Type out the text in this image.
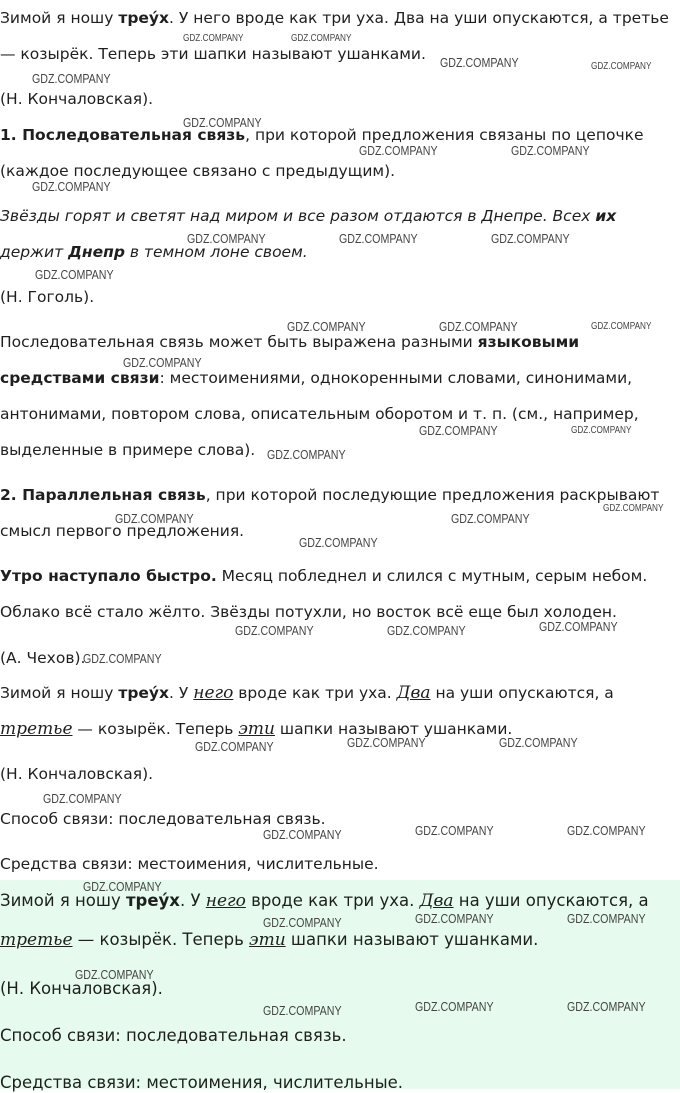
Зимой я ношу треу́х. У него вроде как три уха. Два на уши опускаются, а третье
— козырёк. Теперь эти шапки называют ушанками.
(Н. Кончаловская).
1. Последовательная связь, при которой предложения связаны по цепочке
(каждое последующее связано с предыдущим).
Звёзды горят и светят над миром и все разом отдаются в Днепре. Всех их
держит Днепр в темном лоне своем.
(Н. Гоголь).
Последовательная связь может быть выражена разными языковыми
средствами связи: местоимениями, однокоренными словами, синонимами,
антонимами, повтором слова, описательным оборотом и т. п. (см., например,
выделенные в примере слова).
2. Параллельная связь, при которой последующие предложения раскрывают
смысл первого предложения.
Утро наступало быстро. Месяц побледнел и слился с мутным, серым небом.
Облако всё стало жёлто. Звёзды потухли, но восток всё еще был холоден.
(А. Чехов).
Зимой я ношу треу́х. У него вроде как три уха. Два на уши опускаются, а
третье — козырёк. Теперь эти шапки называют ушанками.
(Н. Кончаловская).
Способ связи: последовательная связь.
Средства связи: местоимения, числительные.
Зимой я ношу треу́х. У него вроде как три уха. Два на уши опускаются, а
третье — козырёк. Теперь эти шапки называют ушанками.
(Н. Кончаловская).
Способ связи: последовательная связь.
Средства связи: местоимения, числительные.
GDZ.COMPANY	GDZ.COMPANY
GDZ.COMPANY	GDZ.COMPANY
GDZ.COMPANY
GDZ.COMPANY
GDZ.COMPANY	GDZ.COMPANY
GDZ.COMPANY
GDZ.COMPANY	GDZ.COMPANY	GDZ.COMPANY
GDZ.COMPANY
GDZ.COMPANY	GDZ.COMPANY	GDZ.COMPANY
GDZ.COMPANY
GDZ.COMPANY	GDZ.COMPANY
GDZ.COMPANY
GDZ.COMPANY
GDZ.COMPANY	GDZ.COMPANY
GDZ.COMPANY
GDZ.COMPANY
GDZ.COMPANY	GDZ.COMPANY
GDZ.COMPANY
GDZ.COMPANY	GDZ.COMPANY
GDZ.COMPANY
GDZ.COMPANY
GDZ.COMPANY	GDZ.COMPANY
GDZ.COMPANY
GDZ.COMPANY
GDZ.COMPANY	GDZ.COMPANY
GDZ.COMPANY
GDZ.COMPANY
GDZ.COMPANY	GDZ.COMPANY
GDZ.COMPANY
